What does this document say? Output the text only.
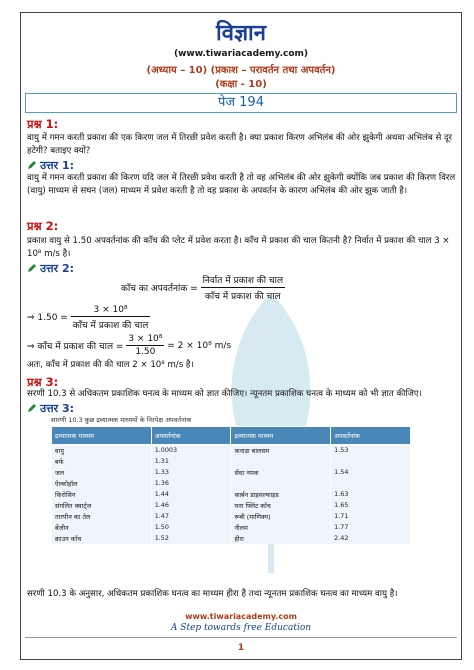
विज्ञान
(www.tiwariacademy.com)
(अध्याय – 10) (प्रकाश – परावर्तन तथा अपवर्तन)
(कक्षा - 10)
पेज 194
प्रश्न 1:
वायु में गमन करती प्रकाश की एक किरण जल में तिरछी प्रवेश करती है। क्या प्रकाश किरण अभिलंब की ओर झुकेगी अथवा अभिलंब से दूर हटेगी? बताइए क्यों?
उत्तर 1:
वायु में गमन करती प्रकाश की किरण यदि जल में तिरछी प्रवेश करती है तो वह अभिलंब की ओर झुकेगी क्योंकि जब प्रकाश की किरण विरल (वायु) माध्यम से सघन (जल) माध्यम में प्रवेश करती है तो वह प्रकाश के अपवर्तन के कारण अभिलंब की ओर झुक जाती है।
प्रश्न 2:
प्रकाश वायु से 1.50 अपवर्तनांक की काँच की प्लेट में प्रवेश करता है। काँच में प्रकाश की चाल कितनी है? निर्वात में प्रकाश की चाल 3 × 10⁸ m/s है।
उत्तर 2:
काँच का अपवर्तनांक = $\frac{\text{निर्वात में प्रकाश की चाल}}{\text{काँच में प्रकाश की चाल}}$
⇒ $1.50 = \frac{\text{3 × 10⁸}}{\text{काँच में प्रकाश की चाल}}$
⇒ काँच में प्रकाश की चाल = $\frac{\text{3 × 10⁸}}{1.50} = 2 \times 10^8$ m/s
अतः, काँच में प्रकाश की की चाल 2 × 10⁸ m/s है।
प्रश्न 3:
सरणी 10.3 से अधिकतम प्रकाशिक घनत्व के माध्यम को ज्ञात कीजिए। न्यूनतम प्रकाशिक घनत्व के माध्यम को भी ज्ञात कीजिए।
उत्तर 3:
सारणी 10.3 कुछ द्रव्यात्मक माध्यमों के निरपेक्ष अपवर्तनांक
द्रव्यात्मक माध्यम	अपवर्तनांक	द्रव्यात्मक माध्यम	अपवर्तनांक
वायु	1.0003	कनाडा बालसम	1.53
बर्फ	1.31		
जल	1.33	सेंधा नमक	1.54
ऐल्कोहॉल	1.36		
किरोसिन	1.44	कार्बन डाइसल्फाइड	1.63
संगलित क्वार्ट्ज	1.46	घना फ्लिंट काँच	1.65
तारपीन का तेल	1.47	रूबी (माणिक्य)	1.71
बेंजीन	1.50	नीलम	1.77
क्राउन काँच	1.52	हीरा	2.42
सरणी 10.3 के अनुसार, अधिकतम प्रकाशिक घनत्व का माध्यम हीरा है तथा न्यूनतम प्रकाशिक घनत्व का माध्यम वायु है।
www.tiwariacademy.com
A Step towards free Education
1
